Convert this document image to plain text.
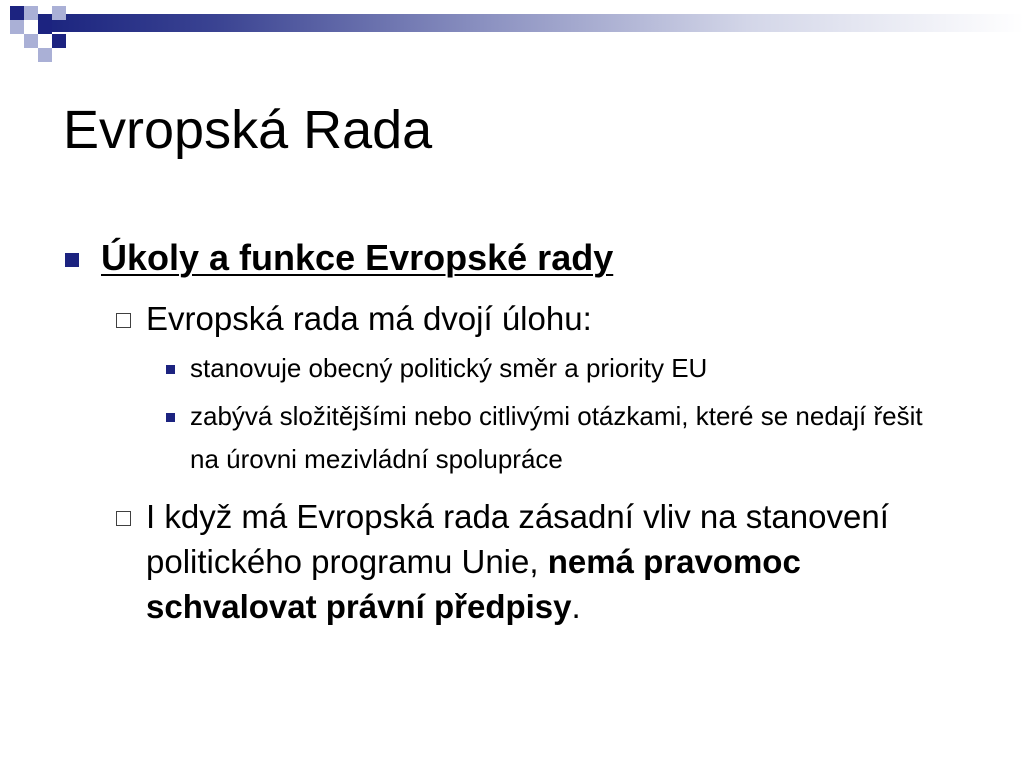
Evropská Rada
Úkoly a funkce Evropské rady
Evropská rada má dvojí úlohu:
stanovuje obecný politický směr a priority EU
zabývá složitějšími nebo citlivými otázkami, které se nedají řešit na úrovni mezivládní spolupráce
I když má Evropská rada zásadní vliv na stanovení politického programu Unie, nemá pravomoc schvalovat právní předpisy.
